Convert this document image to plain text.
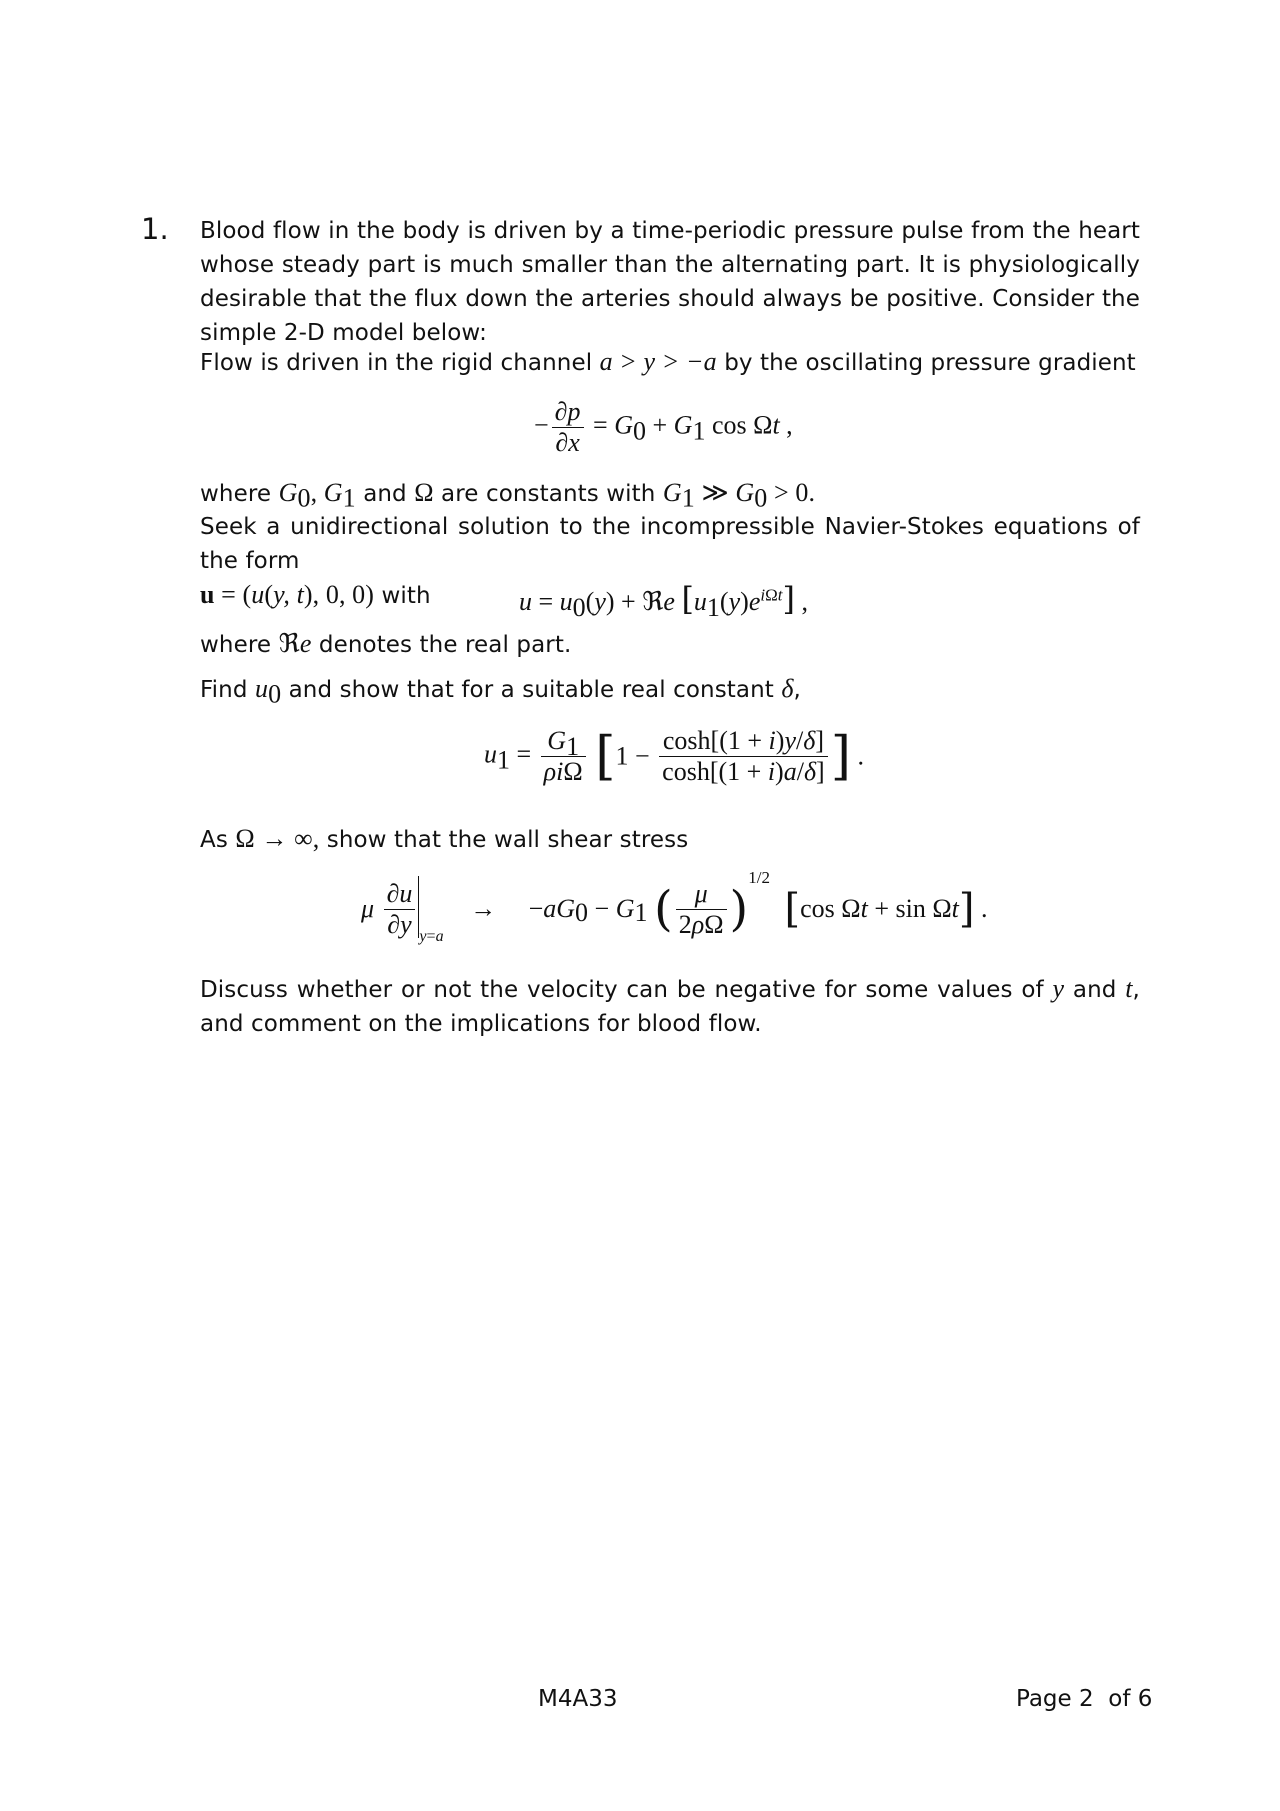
1. Blood flow in the body is driven by a time-periodic pressure pulse from the heart whose steady part is much smaller than the alternating part. It is physiologically desirable that the flux down the arteries should always be positive. Consider the simple 2-D model below:
Flow is driven in the rigid channel a > y > −a by the oscillating pressure gradient
− $\frac{\partial p}{\partial x} = G_0 + G_1$ cos Ωt ,
where $G_0$, $G_1$ and Ω are constants with $G_1$ ≫ $G_0 > 0$.
Seek a unidirectional solution to the incompressible Navier-Stokes equations of the form
u = (u(y, t), 0, 0) with	$u = u_0(y)$ + ℜe $[u_1(y)e^{i\Omega t}]$ ,
where ℜe denotes the real part.
Find $u_0$ and show that for a suitable real constant δ,
$u_1 = \frac{G_1}{\text{ρiΩ}} [1 - \frac{\cosh[(1 + i)y/\delta]}{\cosh[(1 + i)a/\delta]}$ ] .
As Ω → ∞, show that the wall shear stress
μ $\frac{\partial u}{\partial y} _{y=a} \to -aG_0 - G_1$ ( $\frac{\mu}{2\rho\Omega} )^{1/2}$ [cos Ωt + sin Ωt] .
Discuss whether or not the velocity can be negative for some values of y and t, and comment on the implications for blood flow.
M4A33	Page 2 of 6
